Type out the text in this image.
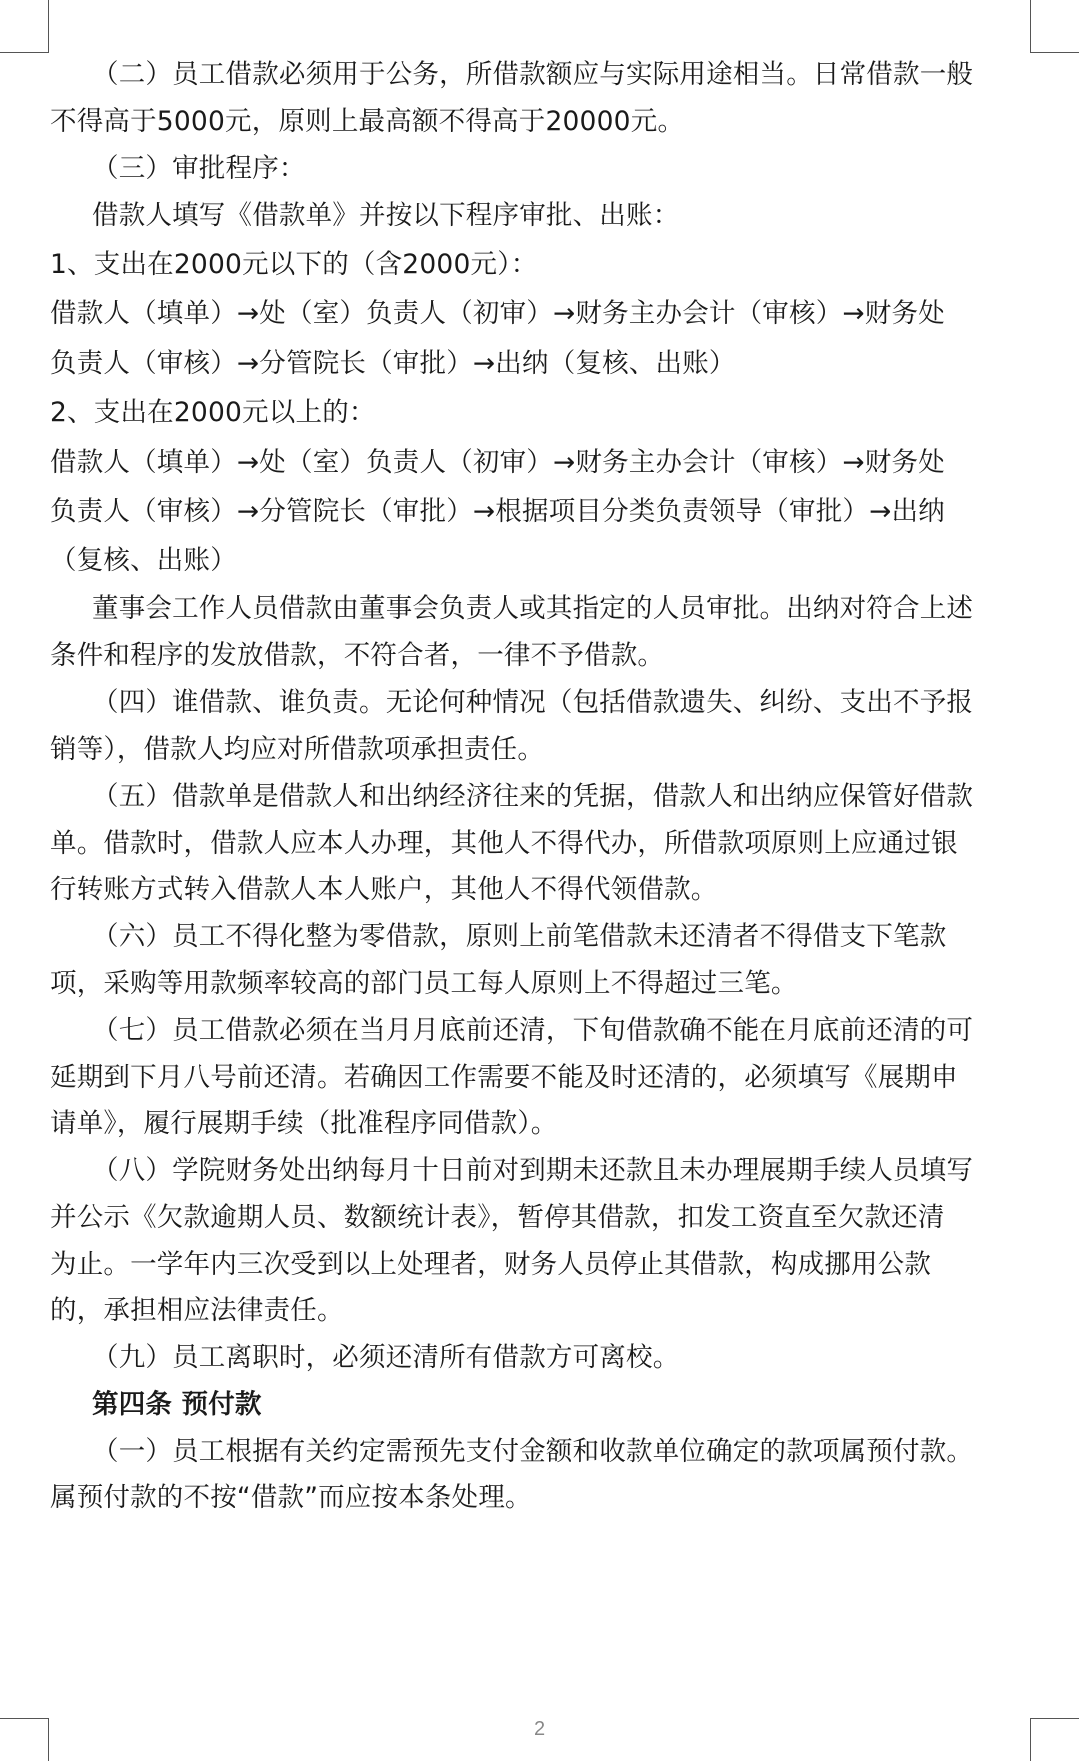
（二）员工借款必须用于公务，所借款额应与实际用途相当。日常借款一般
不得高于5000元，原则上最高额不得高于20000元。
（三）审批程序：
借款人填写《借款单》并按以下程序审批、出账：
1、支出在2000元以下的（含2000元）：
借款人（填单）→处（室）负责人（初审）→财务主办会计（审核）→财务处
负责人（审核）→分管院长（审批）→出纳（复核、出账）
2、支出在2000元以上的：
借款人（填单）→处（室）负责人（初审）→财务主办会计（审核）→财务处
负责人（审核）→分管院长（审批）→根据项目分类负责领导（审批）→出纳
（复核、出账）
董事会工作人员借款由董事会负责人或其指定的人员审批。出纳对符合上述
条件和程序的发放借款，不符合者，一律不予借款。
（四）谁借款、谁负责。无论何种情况（包括借款遗失、纠纷、支出不予报
销等），借款人均应对所借款项承担责任。
（五）借款单是借款人和出纳经济往来的凭据，借款人和出纳应保管好借款
单。借款时，借款人应本人办理，其他人不得代办，所借款项原则上应通过银
行转账方式转入借款人本人账户，其他人不得代领借款。
（六）员工不得化整为零借款，原则上前笔借款未还清者不得借支下笔款
项，采购等用款频率较高的部门员工每人原则上不得超过三笔。
（七）员工借款必须在当月月底前还清，下旬借款确不能在月底前还清的可
延期到下月八号前还清。若确因工作需要不能及时还清的，必须填写《展期申
请单》，履行展期手续（批准程序同借款）。
（八）学院财务处出纳每月十日前对到期未还款且未办理展期手续人员填写
并公示《欠款逾期人员、数额统计表》，暂停其借款，扣发工资直至欠款还清
为止。一学年内三次受到以上处理者，财务人员停止其借款，构成挪用公款
的，承担相应法律责任。
（九）员工离职时，必须还清所有借款方可离校。
第四条 预付款
（一）员工根据有关约定需预先支付金额和收款单位确定的款项属预付款。
属预付款的不按“借款”而应按本条处理。
2
